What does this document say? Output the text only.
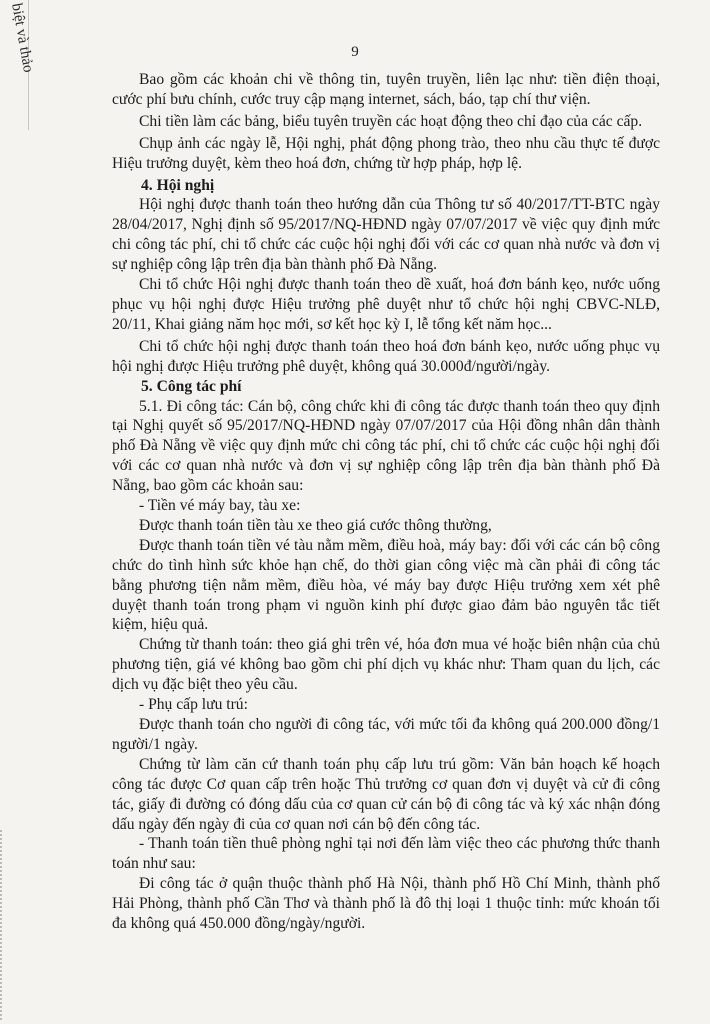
biệt và thảo	9

Bao gồm các khoản chi về thông tin, tuyên truyền, liên lạc như: tiền điện thoại, cước phí bưu chính, cước truy cập mạng internet, sách, báo, tạp chí thư viện.

Chi tiền làm các bảng, biểu tuyên truyền các hoạt động theo chỉ đạo của các cấp.

Chụp ảnh các ngày lễ, Hội nghị, phát động phong trào, theo nhu cầu thực tế được Hiệu trưởng duyệt, kèm theo hoá đơn, chứng từ hợp pháp, hợp lệ.

4. Hội nghị

Hội nghị được thanh toán theo hướng dẫn của Thông tư số 40/2017/TT-BTC ngày 28/04/2017, Nghị định số 95/2017/NQ-HĐND ngày 07/07/2017 về việc quy định mức chi công tác phí, chi tổ chức các cuộc hội nghị đối với các cơ quan nhà nước và đơn vị sự nghiệp công lập trên địa bàn thành phố Đà Nẵng.

Chi tổ chức Hội nghị được thanh toán theo dề xuất, hoá đơn bánh kẹo, nước uống phục vụ hội nghị được Hiệu trưởng phê duyệt như tổ chức hội nghị CBVC-NLĐ, 20/11, Khai giảng năm học mới, sơ kết học kỳ I, lễ tổng kết năm học...

Chi tổ chức hội nghị được thanh toán theo hoá đơn bánh kẹo, nước uống phục vụ hội nghị được Hiệu trưởng phê duyệt, không quá 30.000đ/người/ngày.

5. Công tác phí

5.1. Đi công tác: Cán bộ, công chức khi đi công tác được thanh toán theo quy định tại Nghị quyết số 95/2017/NQ-HĐND ngày 07/07/2017 của Hội đồng nhân dân thành phố Đà Nẵng về việc quy định mức chi công tác phí, chi tổ chức các cuộc hội nghị đối với các cơ quan nhà nước và đơn vị sự nghiệp công lập trên địa bàn thành phố Đà Nẵng, bao gồm các khoản sau:

- Tiền vé máy bay, tàu xe:

Được thanh toán tiền tàu xe theo giá cước thông thường,

Được thanh toán tiền vé tàu nằm mềm, điều hoà, máy bay: đối với các cán bộ công chức do tình hình sức khỏe hạn chế, do thời gian công việc mà cần phải đi công tác bằng phương tiện nằm mềm, điều hòa, vé máy bay được Hiệu trưởng xem xét phê duyệt thanh toán trong phạm vi nguồn kinh phí được giao đảm bảo nguyên tắc tiết kiệm, hiệu quả.

Chứng từ thanh toán: theo giá ghi trên vé, hóa đơn mua vé hoặc biên nhận của chủ phương tiện, giá vé không bao gồm chi phí dịch vụ khác như: Tham quan du lịch, các dịch vụ đặc biệt theo yêu cầu.

- Phụ cấp lưu trú:

Được thanh toán cho người đi công tác, với mức tối đa không quá 200.000 đồng/1 người/1 ngày.

Chứng từ làm căn cứ thanh toán phụ cấp lưu trú gồm: Văn bản hoạch kế hoạch công tác được Cơ quan cấp trên hoặc Thủ trưởng cơ quan đơn vị duyệt và cử đi công tác, giấy đi đường có đóng dấu của cơ quan cử cán bộ đi công tác và ký xác nhận đóng dấu ngày đến ngày đi của cơ quan nơi cán bộ đến công tác.

- Thanh toán tiền thuê phòng nghỉ tại nơi đến làm việc theo các phương thức thanh toán như sau:

Đi công tác ở quận thuộc thành phố Hà Nội, thành phố Hồ Chí Minh, thành phố Hải Phòng, thành phố Cần Thơ và thành phố là đô thị loại 1 thuộc tỉnh: mức khoán tối đa không quá 450.000 đồng/ngày/người.
